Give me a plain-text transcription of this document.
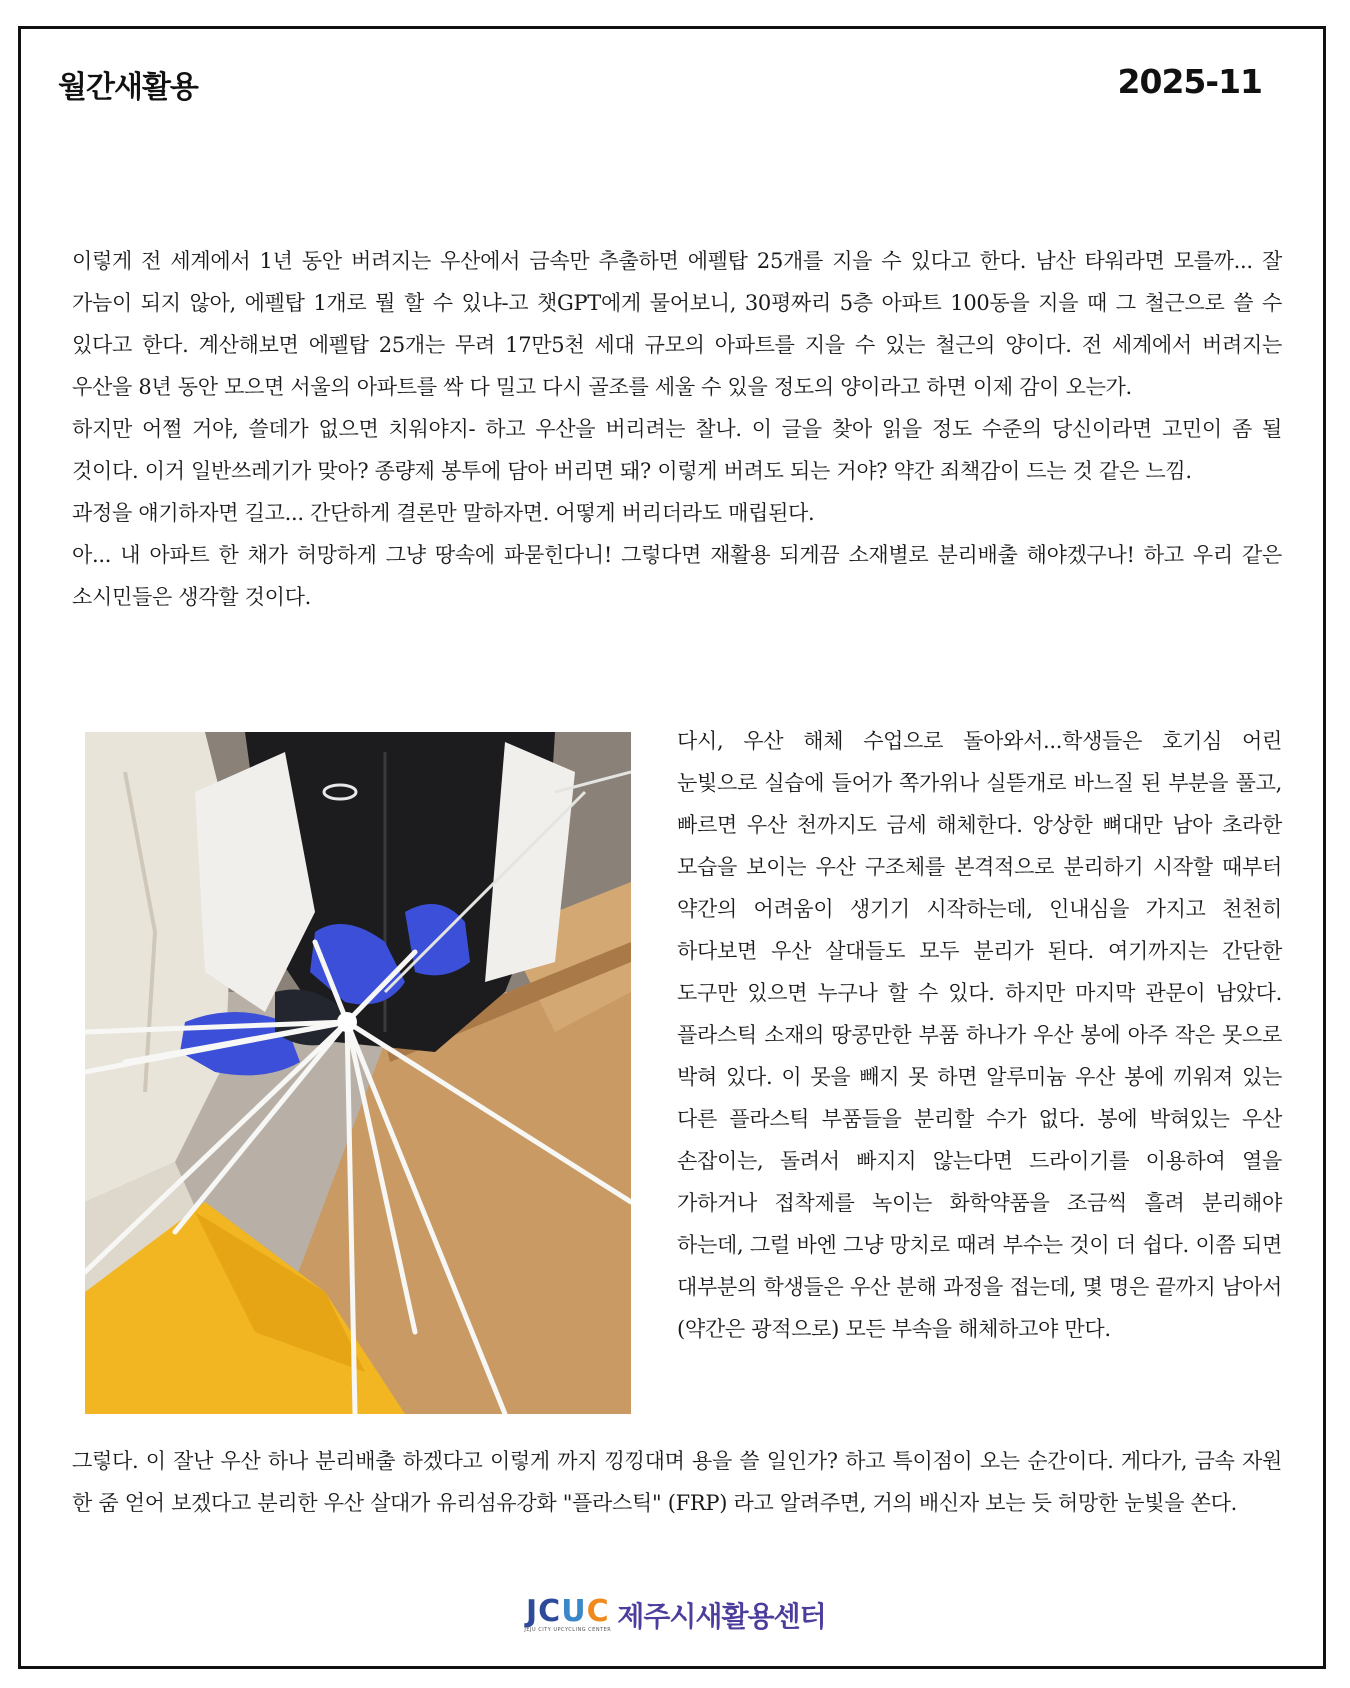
월간새활용	2025-11

이렇게 전 세계에서 1년 동안 버려지는 우산에서 금속만 추출하면 에펠탑 25개를 지을 수 있다고 한다. 남산 타워라면 모를까... 잘 가늠이 되지 않아, 에펠탑 1개로 뭘 할 수 있냐-고 챗GPT에게 물어보니, 30평짜리 5층 아파트 100동을 지을 때 그 철근으로 쓸 수 있다고 한다. 계산해보면 에펠탑 25개는 무려 17만5천 세대 규모의 아파트를 지을 수 있는 철근의 양이다. 전 세계에서 버려지는 우산을 8년 동안 모으면 서울의 아파트를 싹 다 밀고 다시 골조를 세울 수 있을 정도의 양이라고 하면 이제 감이 오는가.

하지만 어쩔 거야, 쓸데가 없으면 치워야지- 하고 우산을 버리려는 찰나. 이 글을 찾아 읽을 정도 수준의 당신이라면 고민이 좀 될 것이다. 이거 일반쓰레기가 맞아? 종량제 봉투에 담아 버리면 돼? 이렇게 버려도 되는 거야? 약간 죄책감이 드는 것 같은 느낌.

과정을 얘기하자면 길고... 간단하게 결론만 말하자면. 어떻게 버리더라도 매립된다.

아... 내 아파트 한 채가 허망하게 그냥 땅속에 파묻힌다니! 그렇다면 재활용 되게끔 소재별로 분리배출 해야겠구나! 하고 우리 같은 소시민들은 생각할 것이다.

다시, 우산 해체 수업으로 돌아와서...학생들은 호기심 어린 눈빛으로 실습에 들어가 쪽가위나 실뜯개로 바느질 된 부분을 풀고, 빠르면 우산 천까지도 금세 해체한다. 앙상한 뼈대만 남아 초라한 모습을 보이는 우산 구조체를 본격적으로 분리하기 시작할 때부터 약간의 어려움이 생기기 시작하는데, 인내심을 가지고 천천히 하다보면 우산 살대들도 모두 분리가 된다. 여기까지는 간단한 도구만 있으면 누구나 할 수 있다. 하지만 마지막 관문이 남았다. 플라스틱 소재의 땅콩만한 부품 하나가 우산 봉에 아주 작은 못으로 박혀 있다. 이 못을 빼지 못 하면 알루미늄 우산 봉에 끼워져 있는 다른 플라스틱 부품들을 분리할 수가 없다. 봉에 박혀있는 우산 손잡이는, 돌려서 빠지지 않는다면 드라이기를 이용하여 열을 가하거나 접착제를 녹이는 화학약품을 조금씩 흘려 분리해야 하는데, 그럴 바엔 그냥 망치로 때려 부수는 것이 더 쉽다. 이쯤 되면 대부분의 학생들은 우산 분해 과정을 접는데, 몇 명은 끝까지 남아서 (약간은 광적으로) 모든 부속을 해체하고야 만다.

그렇다. 이 잘난 우산 하나 분리배출 하겠다고 이렇게 까지 낑낑대며 용을 쓸 일인가? 하고 특이점이 오는 순간이다. 게다가, 금속 자원 한 줌 얻어 보겠다고 분리한 우산 살대가 유리섬유강화 "플라스틱" (FRP) 라고 알려주면, 거의 배신자 보는 듯 허망한 눈빛을 쏜다.

JCUC
JEJU CITY UPCYCLING CENTER 제주시새활용센터
